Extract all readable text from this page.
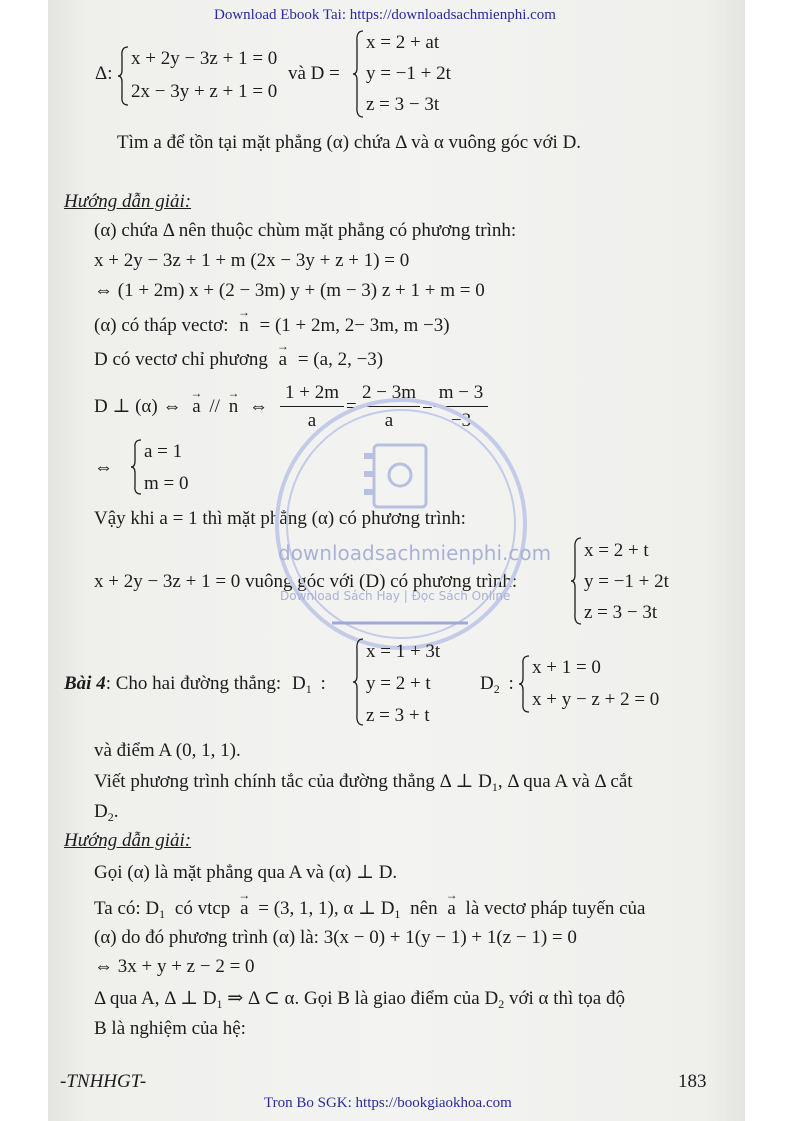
Download Ebook Tai: https://downloadsachmienphi.com
Δ:
x + 2y − 3z + 1 = 0
2x − 3y + z + 1 = 0
và D =
x = 2 + at
y = −1 + 2t
z = 3 − 3t
Tìm a để tồn tại mặt phẳng (α) chứa Δ và α vuông góc với D.
Hướng dẫn giải:
(α) chứa Δ nên thuộc chùm mặt phẳng có phương trình:
x + 2y − 3z + 1 + m (2x − 3y + z + 1) = 0
⇔ (1 + 2m) x + (2 − 3m) y + (m − 3) z + 1 + m = 0
(α) có tháp vectơ: → n = (1 + 2m, 2− 3m, m −3)
D có vectơ chỉ phương → a = (a, 2, −3)
D ⊥ (α) ⇔ → a // → n ⇔
1 + 2m
a
=
2 − 3m
a
=
m − 3
−3
⇔
a = 1
m = 0
Vậy khi a = 1 thì mặt phẳng (α) có phương trình:
x + 2y − 3z + 1 = 0 vuông góc với (D) có phương trình:
x = 2 + t
y = −1 + 2t
z = 3 − 3t
downloadsachmienphi.com
Download Sách Hay | Đọc Sách Online
Bài 4: Cho hai đường thẳng: $D_1$ :
x = 1 + 3t
y = 2 + t
z = 3 + t
$D_2$ :
x + 1 = 0
x + y − z + 2 = 0
và điểm A (0, 1, 1).
Viết phương trình chính tắc của đường thẳng Δ ⊥ $D_1$, Δ qua A và Δ cắt
$D_2$.
Hướng dẫn giải:
Gọi (α) là mặt phẳng qua A và (α) ⊥ D.
Ta có: $D_1$ có vtcp → a = (3, 1, 1), α ⊥ $D_1$ nên → a là vectơ pháp tuyến của
(α) do đó phương trình (α) là: 3(x − 0) + 1(y − 1) + 1(z − 1) = 0
⇔ 3x + y + z − 2 = 0
Δ qua A, Δ ⊥ $D_1$ ⇒ Δ ⊂ α. Gọi B là giao điểm của $D_2$ với α thì tọa độ
B là nghiệm của hệ:
-TNHHGT-	183
Tron Bo SGK: https://bookgiaokhoa.com
